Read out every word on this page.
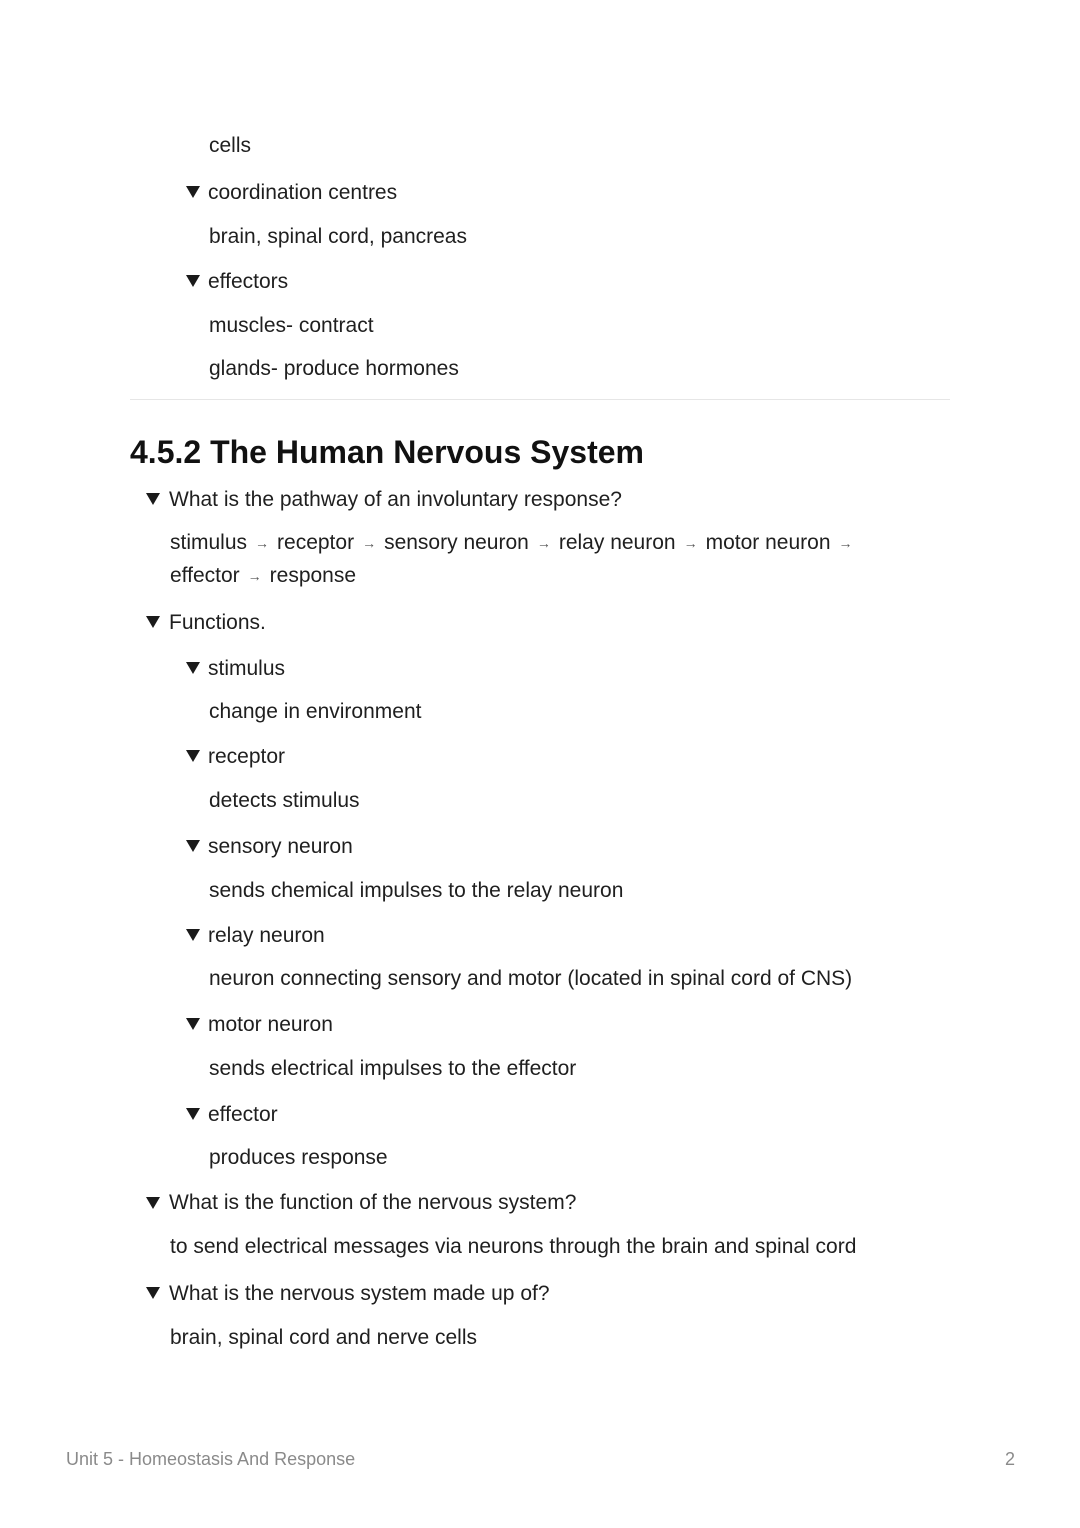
cells
coordination centres
brain, spinal cord, pancreas
effectors
muscles- contract
glands- produce hormones
4.5.2 The Human Nervous System
What is the pathway of an involuntary response?
stimulus → receptor → sensory neuron → relay neuron → motor neuron →
effector → response
Functions.
stimulus
change in environment
receptor
detects stimulus
sensory neuron
sends chemical impulses to the relay neuron
relay neuron
neuron connecting sensory and motor (located in spinal cord of CNS)
motor neuron
sends electrical impulses to the effector
effector
produces response
What is the function of the nervous system?
to send electrical messages via neurons through the brain and spinal cord
What is the nervous system made up of?
brain, spinal cord and nerve cells
Unit 5 - Homeostasis And Response	2
